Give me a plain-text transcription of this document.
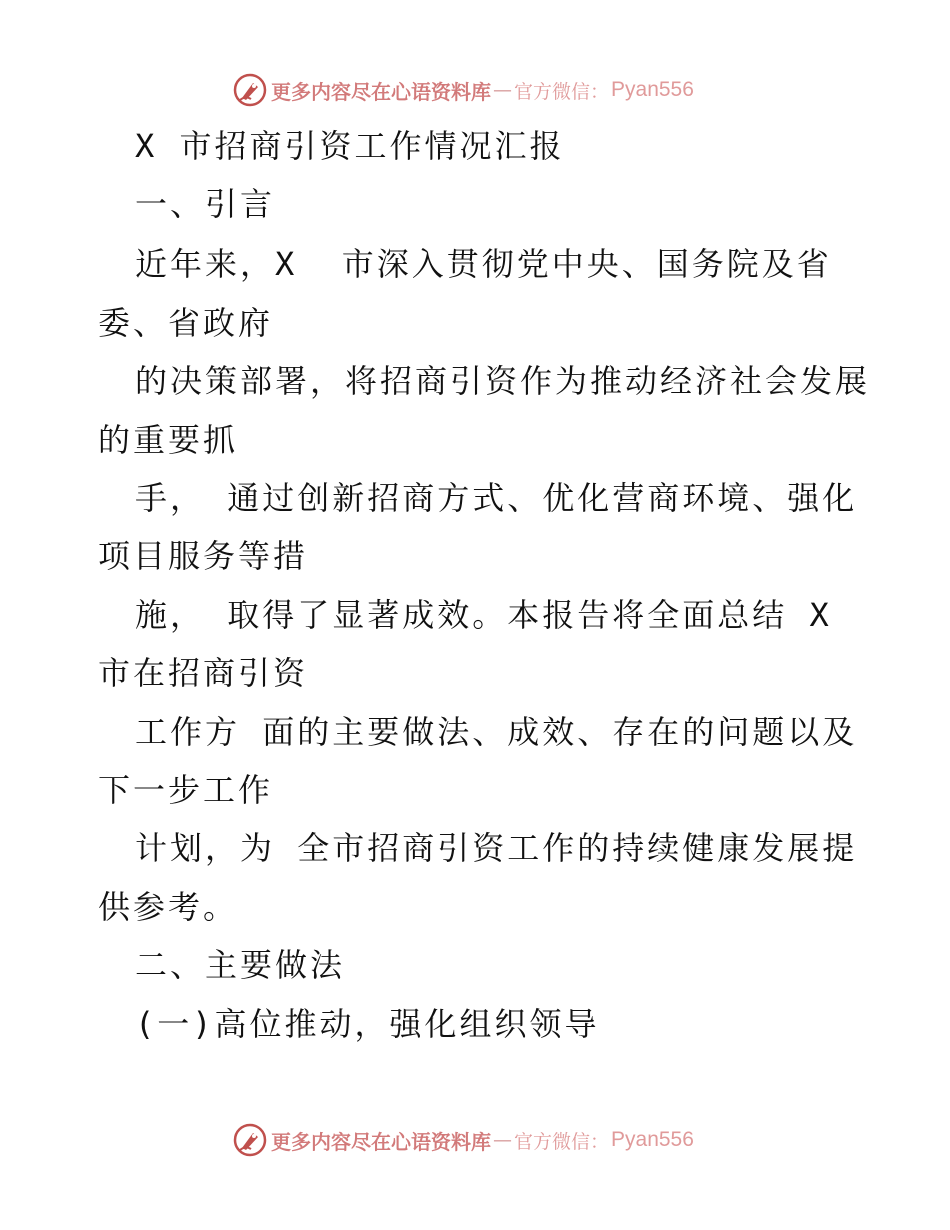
更多内容尽在心语资料库 — 官方微信： Pyan556
X 市招商引资工作情况汇报
一、引言
近年来，X  市深入贯彻党中央、国务院及省
委、省政府
的决策部署，将招商引资作为推动经济社会发展
的重要抓
手， 通过创新招商方式、优化营商环境、强化
项目服务等措
施， 取得了显著成效。本报告将全面总结 X
市在招商引资
工作方 面的主要做法、成效、存在的问题以及
下一步工作
计划，为 全市招商引资工作的持续健康发展提
供参考。
二、主要做法
(一)高位推动，强化组织领导
更多内容尽在心语资料库 — 官方微信： Pyan556
